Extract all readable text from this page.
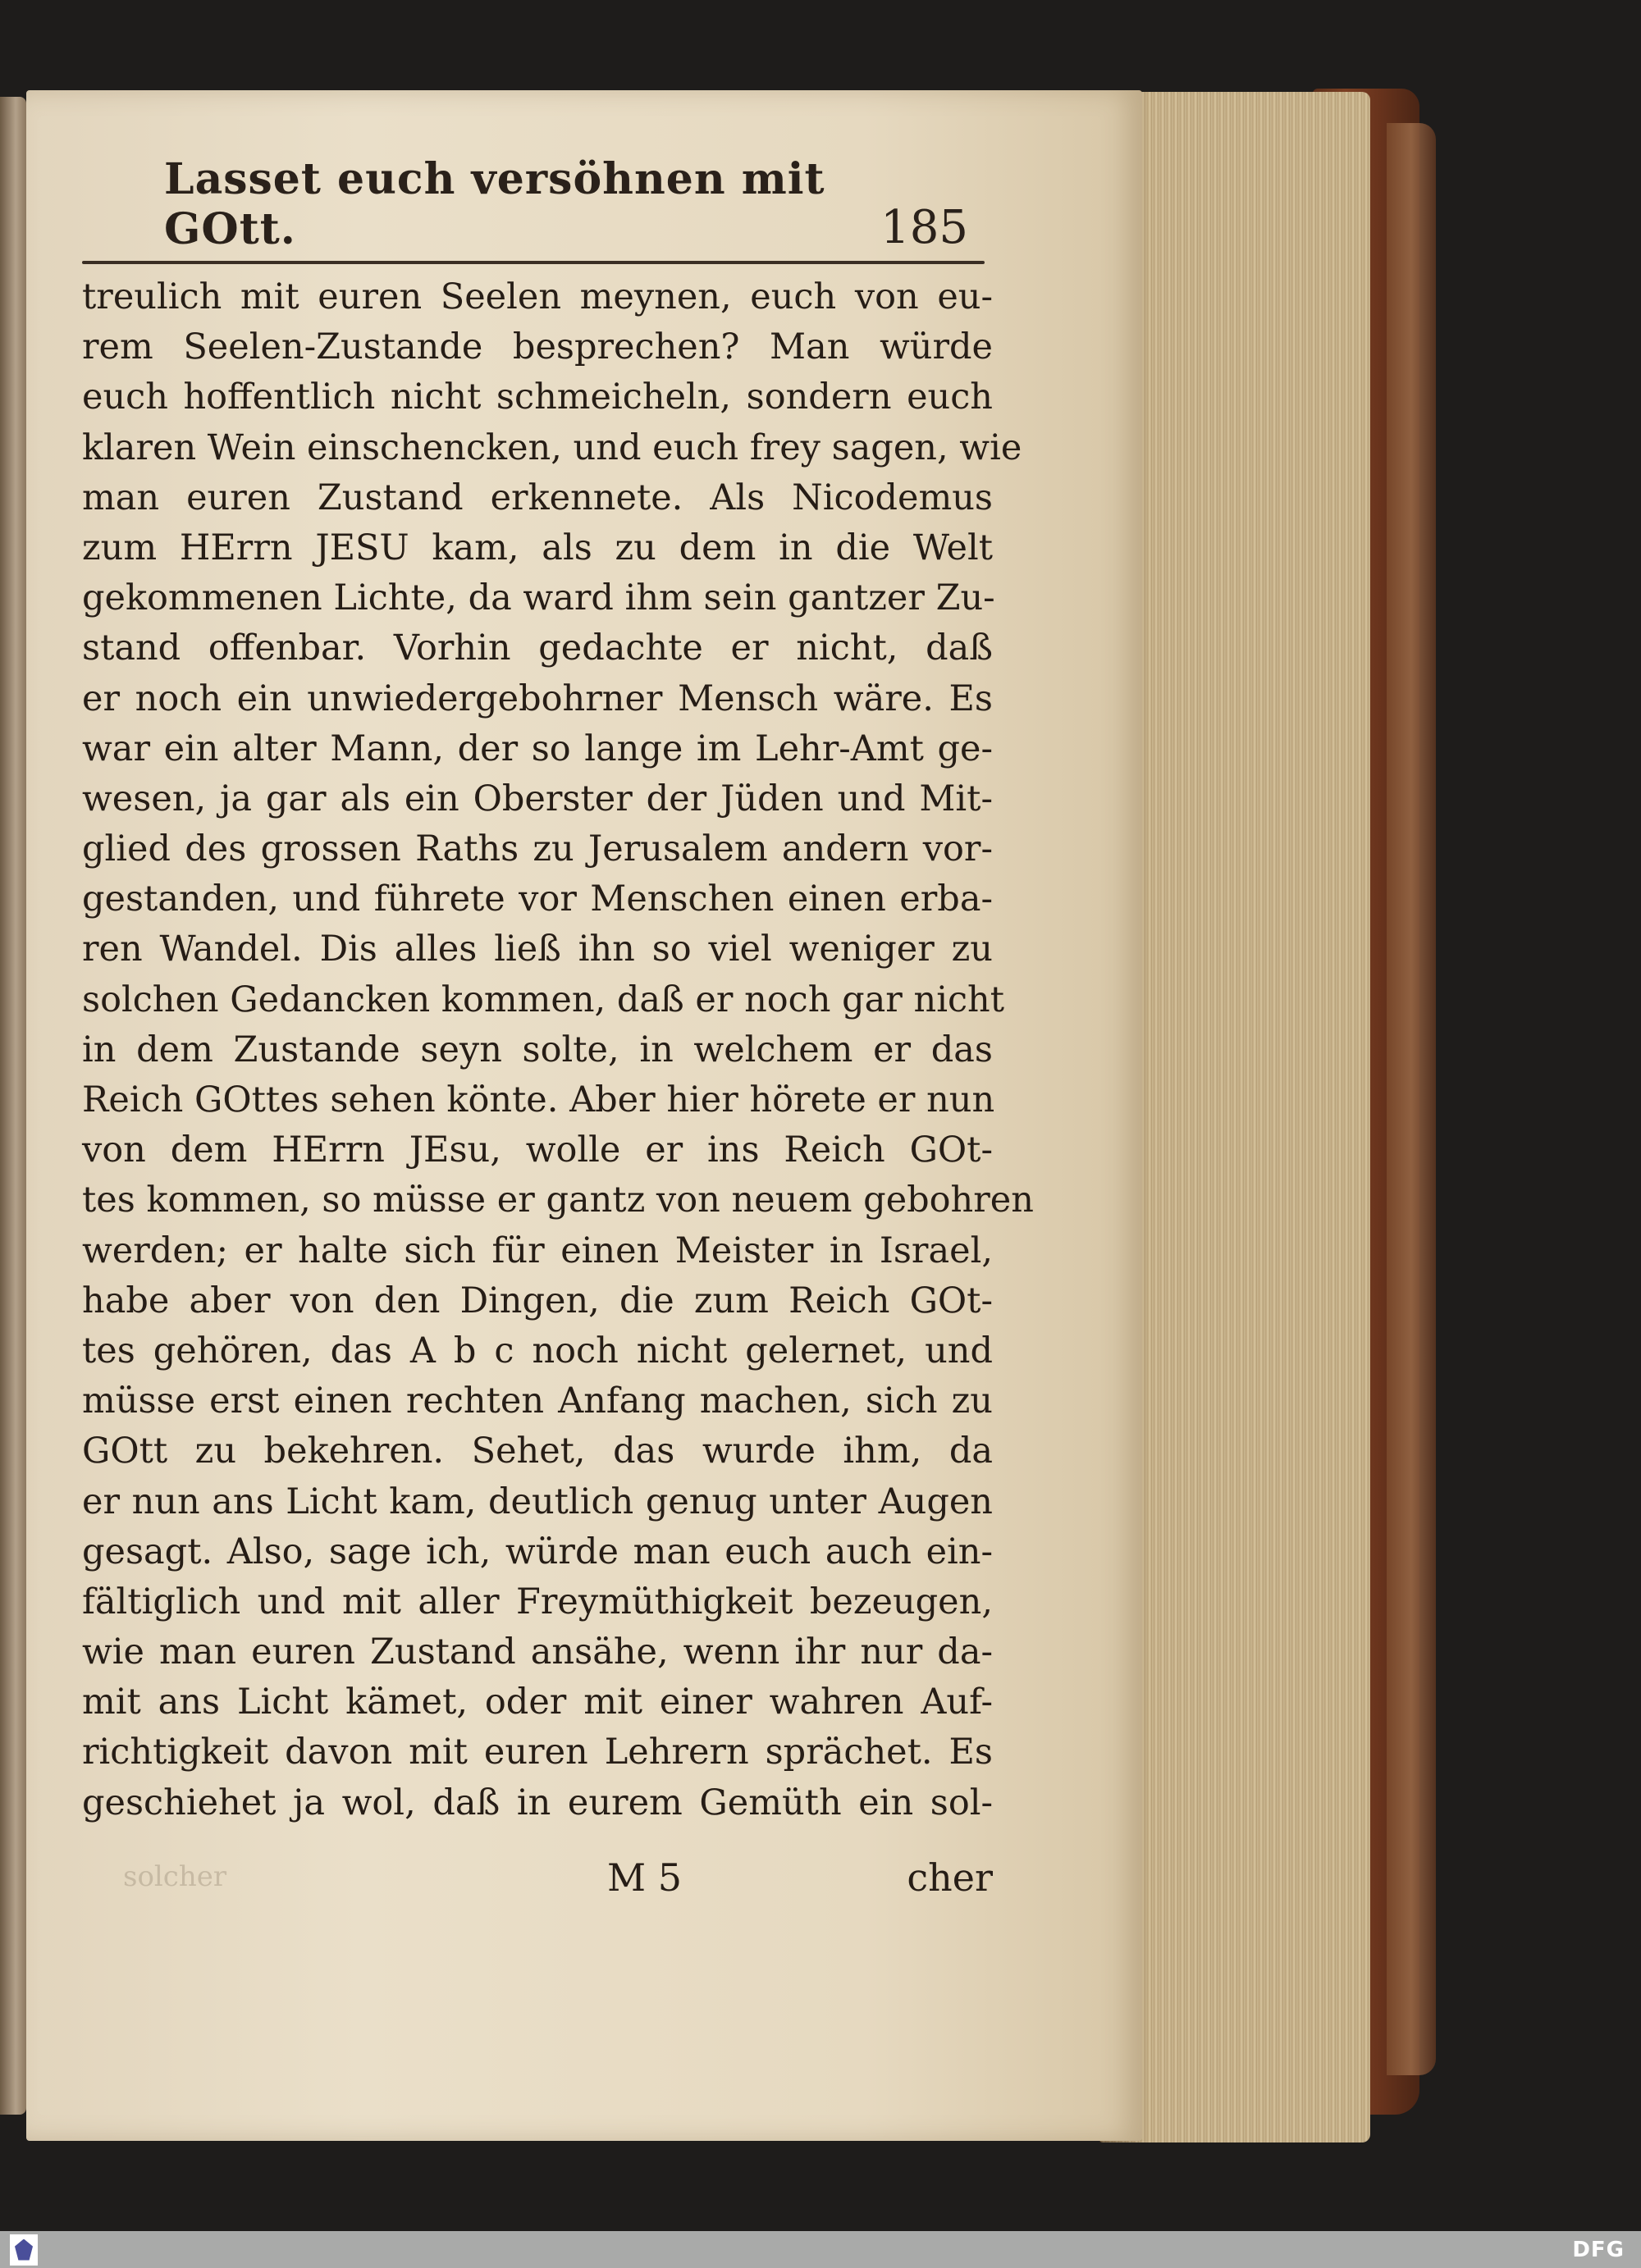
Lasset euch versöhnen mit GOtt.	185
treulich mit euren Seelen meynen, euch von eu-
rem Seelen-Zustande besprechen? Man würde
euch hoffentlich nicht schmeicheln, sondern euch
klaren Wein einschencken, und euch frey sagen, wie
man euren Zustand erkennete. Als Nicodemus
zum HErrn JESU kam, als zu dem in die Welt
gekommenen Lichte, da ward ihm sein gantzer Zu-
stand offenbar. Vorhin gedachte er nicht, daß
er noch ein unwiedergebohrner Mensch wäre. Es
war ein alter Mann, der so lange im Lehr-Amt ge-
wesen, ja gar als ein Oberster der Jüden und Mit-
glied des grossen Raths zu Jerusalem andern vor-
gestanden, und führete vor Menschen einen erba-
ren Wandel. Dis alles ließ ihn so viel weniger zu
solchen Gedancken kommen, daß er noch gar nicht
in dem Zustande seyn solte, in welchem er das
Reich GOttes sehen könte. Aber hier hörete er nun
von dem HErrn JEsu, wolle er ins Reich GOt-
tes kommen, so müsse er gantz von neuem gebohren
werden; er halte sich für einen Meister in Israel,
habe aber von den Dingen, die zum Reich GOt-
tes gehören, das A b c noch nicht gelernet, und
müsse erst einen rechten Anfang machen, sich zu
GOtt zu bekehren. Sehet, das wurde ihm, da
er nun ans Licht kam, deutlich genug unter Augen
gesagt. Also, sage ich, würde man euch auch ein-
fältiglich und mit aller Freymüthigkeit bezeugen,
wie man euren Zustand ansähe, wenn ihr nur da-
mit ans Licht kämet, oder mit einer wahren Auf-
richtigkeit davon mit euren Lehrern sprächet. Es
geschiehet ja wol, daß in eurem Gemüth ein sol-
solcher	M 5	cher
DFG
